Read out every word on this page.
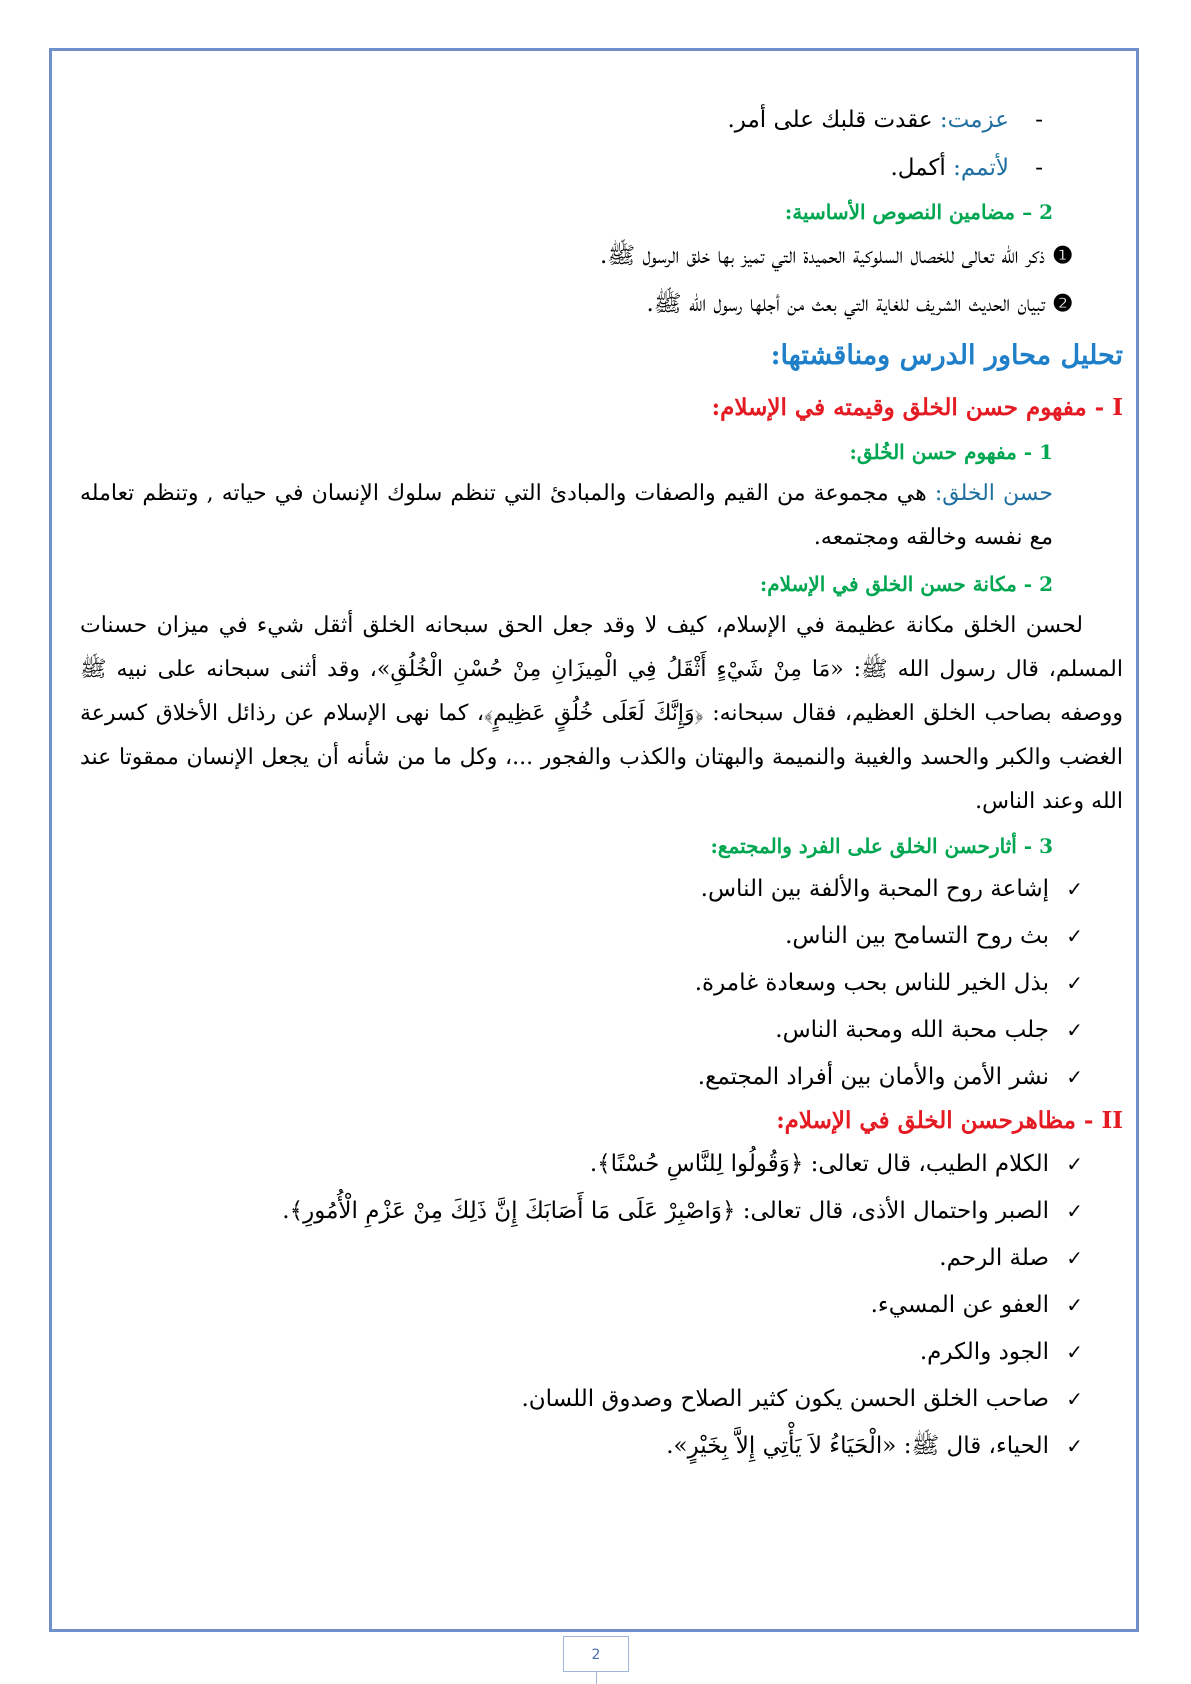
-عزمت: عقدت قلبك على أمر.
-لأتمم: أكمل.
2 – مضامين النصوص الأساسية:
❶ذكر الله تعالى للخصال السلوكية الحميدة التي تميز بها خلق الرسول ﷺ.
❷تبيان الحديث الشريف للغاية التي بعث من أجلها رسول الله ﷺ.
تحليل محاور الدرس ومناقشتها:
I - مفهوم حسن الخلق وقيمته في الإسلام:
1 - مفهوم حسن الخُلق:

حسن الخلق: هي مجموعة من القيم والصفات والمبادئ التي تنظم سلوك الإنسان في حياته , وتنظم تعامله مع نفسه وخالقه ومجتمعه.

2 - مكانة حسن الخلق في الإسلام:

لحسن الخلق مكانة عظيمة في الإسلام، كيف لا وقد جعل الحق سبحانه الخلق أثقل شيء في ميزان حسنات المسلم، قال رسول الله ﷺ: «مَا مِنْ شَيْءٍ أَثْقَلُ فِي الْمِيزَانِ مِنْ حُسْنِ الْخُلُقِ»، وقد أثنى سبحانه على نبيه ﷺ ووصفه بصاحب الخلق العظيم، فقال سبحانه: ﴿وَإِنَّكَ لَعَلَى خُلُقٍ عَظِيمٍ﴾، كما نهى الإسلام عن رذائل الأخلاق كسرعة الغضب والكبر والحسد والغيبة والنميمة والبهتان والكذب والفجور ...، وكل ما من شأنه أن يجعل الإنسان ممقوتا عند الله وعند الناس.

3 - أثارحسن الخلق على الفرد والمجتمع:
✓إشاعة روح المحبة والألفة بين الناس.
✓بث روح التسامح بين الناس.
✓بذل الخير للناس بحب وسعادة غامرة.
✓جلب محبة الله ومحبة الناس.
✓نشر الأمن والأمان بين أفراد المجتمع.
II - مظاهرحسن الخلق في الإسلام:
✓الكلام الطيب، قال تعالى: ﴿وَقُولُوا لِلنَّاسِ حُسْنًا﴾.
✓الصبر واحتمال الأذى، قال تعالى: ﴿وَاصْبِرْ عَلَى مَا أَصَابَكَ إِنَّ ذَلِكَ مِنْ عَزْمِ الْأُمُورِ﴾.
✓صلة الرحم.
✓العفو عن المسيء.
✓الجود والكرم.
✓صاحب الخلق الحسن يكون كثير الصلاح وصدوق اللسان.
✓الحياء، قال ﷺ: «الْحَيَاءُ لاَ يَأْتِي إِلاَّ بِخَيْرٍ».
2
